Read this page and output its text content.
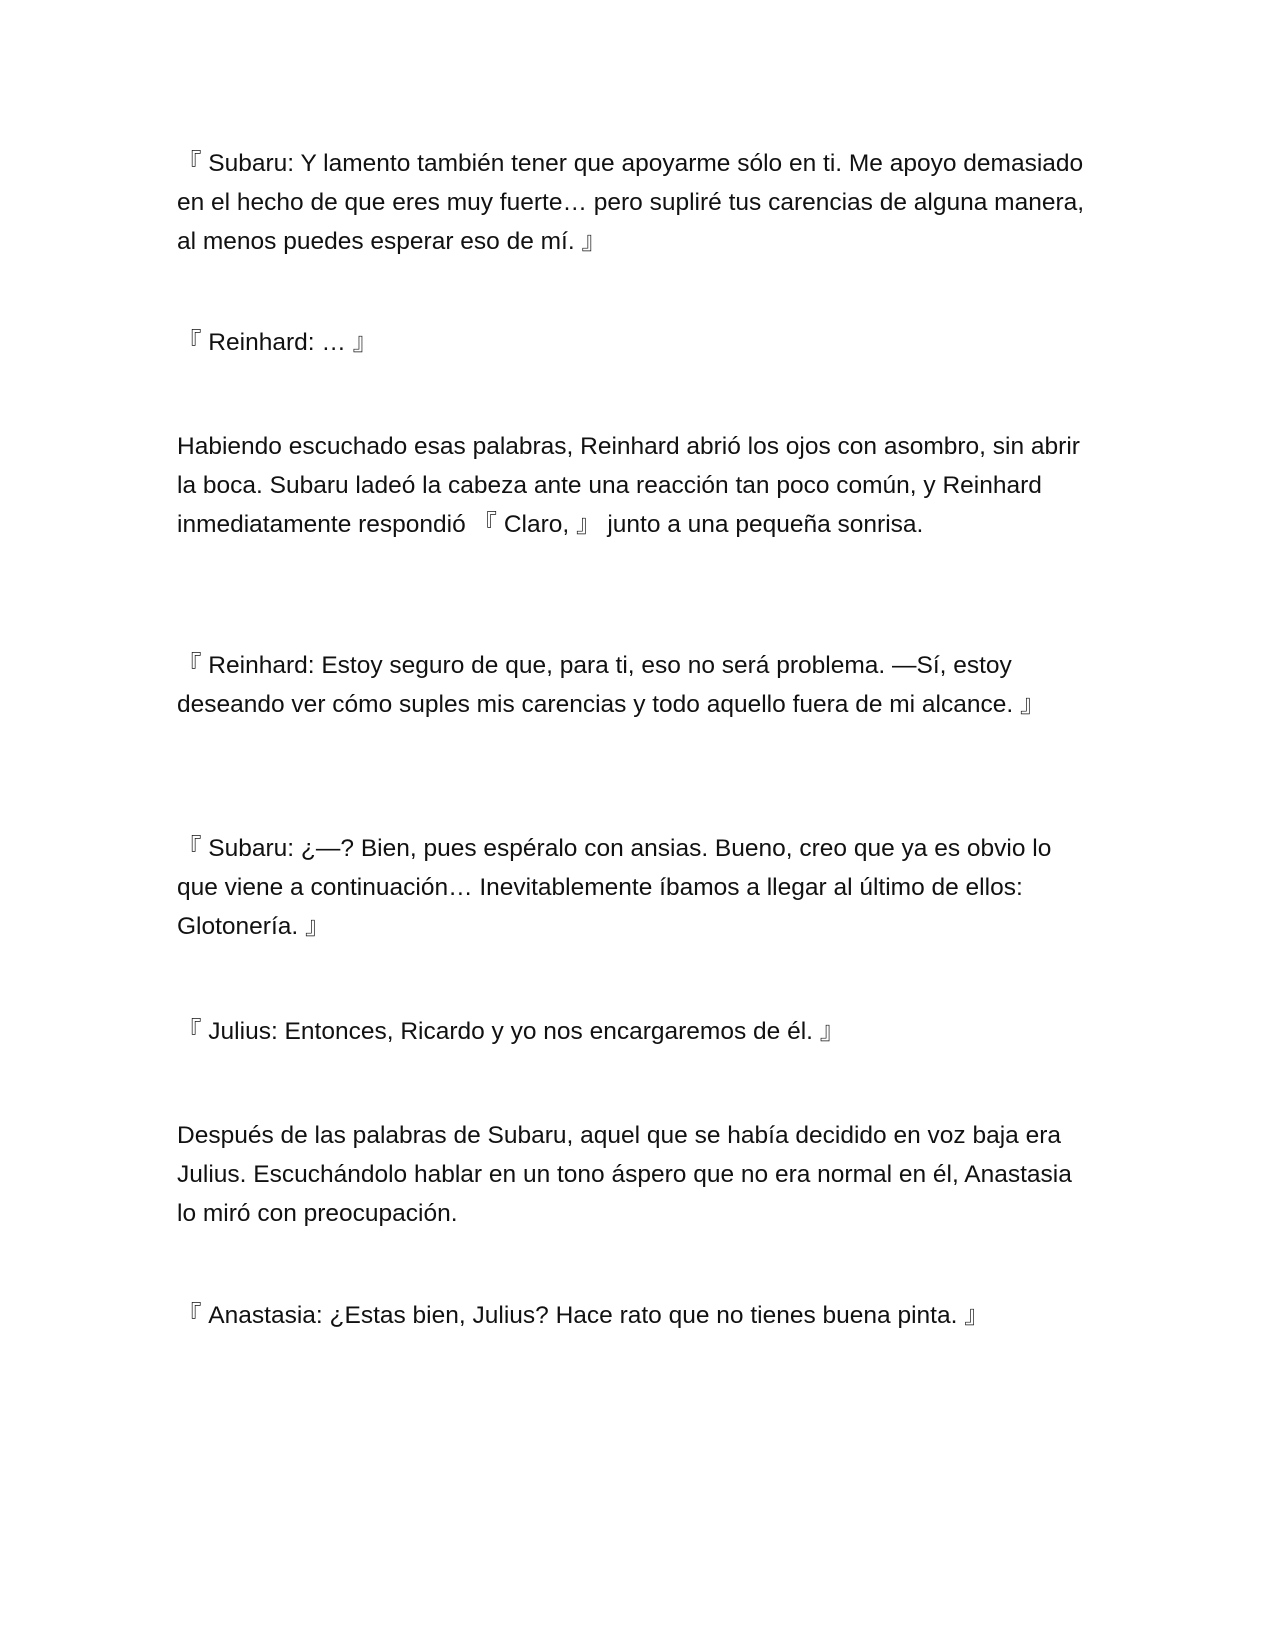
『 Subaru: Y lamento también tener que apoyarme sólo en ti. Me apoyo demasiado en el hecho de que eres muy fuerte… pero supliré tus carencias de alguna manera, al menos puedes esperar eso de mí. 』

『 Reinhard: … 』

Habiendo escuchado esas palabras, Reinhard abrió los ojos con asombro, sin abrir la boca. Subaru ladeó la cabeza ante una reacción tan poco común, y Reinhard inmediatamente respondió 『 Claro, 』 junto a una pequeña sonrisa.

『 Reinhard: Estoy seguro de que, para ti, eso no será problema. —Sí, estoy deseando ver cómo suples mis carencias y todo aquello fuera de mi alcance. 』

『 Subaru: ¿—? Bien, pues espéralo con ansias. Bueno, creo que ya es obvio lo que viene a continuación… Inevitablemente íbamos a llegar al último de ellos: Glotonería. 』

『 Julius: Entonces, Ricardo y yo nos encargaremos de él. 』

Después de las palabras de Subaru, aquel que se había decidido en voz baja era Julius. Escuchándolo hablar en un tono áspero que no era normal en él, Anastasia lo miró con preocupación.

『 Anastasia: ¿Estas bien, Julius? Hace rato que no tienes buena pinta. 』
